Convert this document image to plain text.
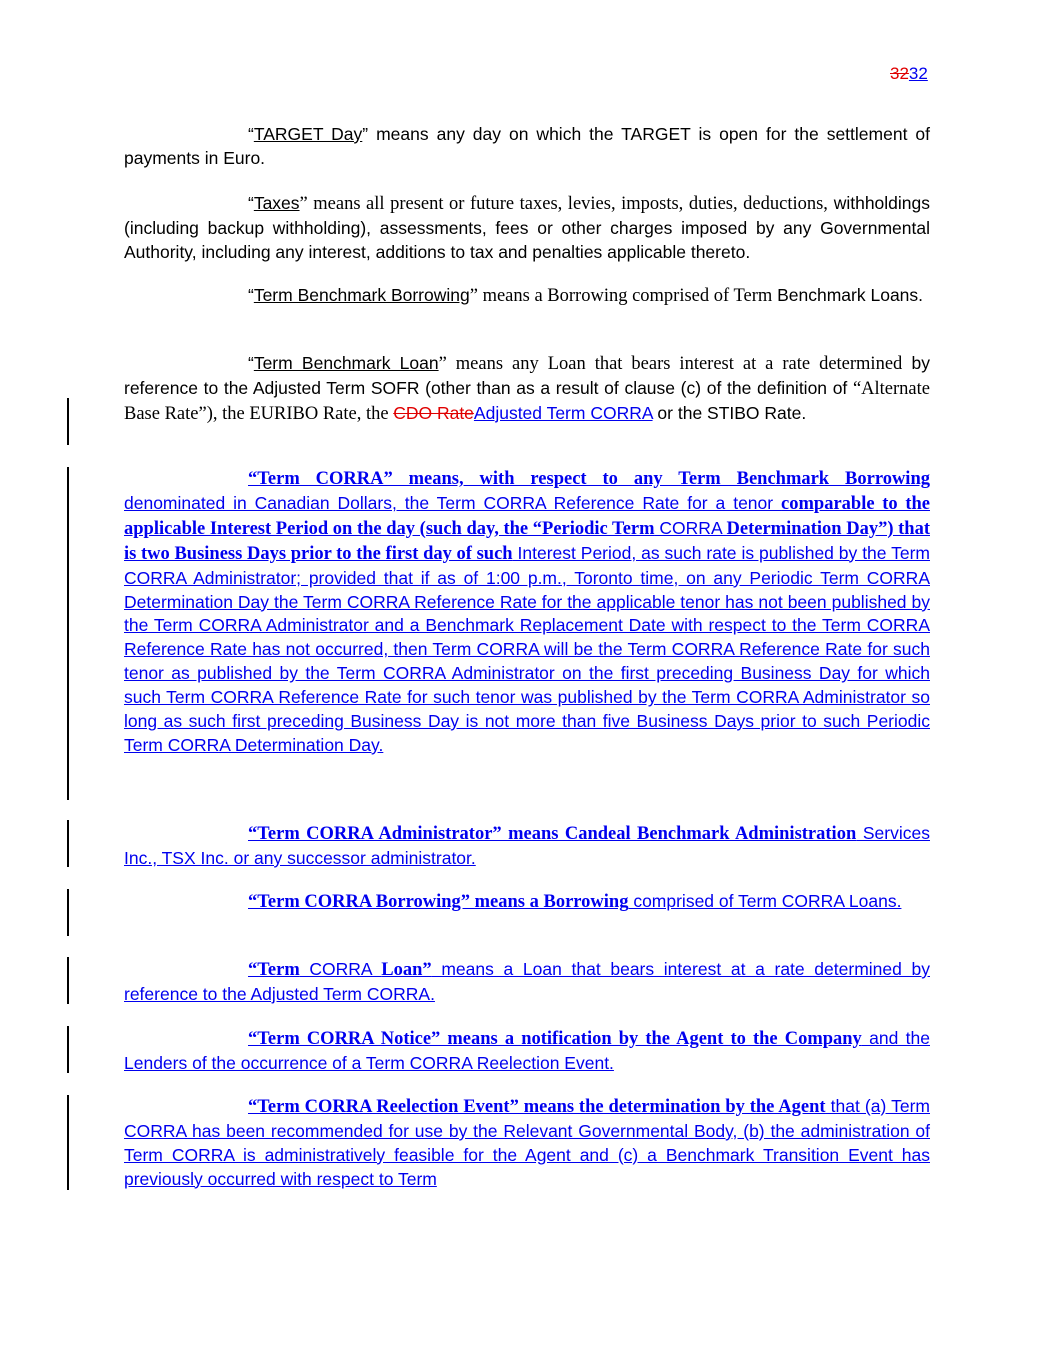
3232
“TARGET Day” means any day on which the TARGET is open for the settlement of payments in Euro.
“Taxes” means all present or future taxes, levies, imposts, duties, deductions, withholdings (including backup withholding), assessments, fees or other charges imposed by any Governmental Authority, including any interest, additions to tax and penalties applicable thereto.
“Term Benchmark Borrowing” means a Borrowing comprised of Term Benchmark Loans.
“Term Benchmark Loan” means any Loan that bears interest at a rate determined by reference to the Adjusted Term SOFR (other than as a result of clause (c) of the definition of “Alternate Base Rate”), the EURIBO Rate, the CDO RateAdjusted Term CORRA or the STIBO Rate.
“Term CORRA” means, with respect to any Term Benchmark Borrowing denominated in Canadian Dollars, the Term CORRA Reference Rate for a tenor comparable to the applicable Interest Period on the day (such day, the “Periodic Term CORRA Determination Day”) that is two Business Days prior to the first day of such Interest Period, as such rate is published by the Term CORRA Administrator; provided that if as of 1:00 p.m., Toronto time, on any Periodic Term CORRA Determination Day the Term CORRA Reference Rate for the applicable tenor has not been published by the Term CORRA Administrator and a Benchmark Replacement Date with respect to the Term CORRA Reference Rate has not occurred, then Term CORRA will be the Term CORRA Reference Rate for such tenor as published by the Term CORRA Administrator on the first preceding Business Day for which such Term CORRA Reference Rate for such tenor was published by the Term CORRA Administrator so long as such first preceding Business Day is not more than five Business Days prior to such Periodic Term CORRA Determination Day.
“Term CORRA Administrator” means Candeal Benchmark Administration Services Inc., TSX Inc. or any successor administrator.
“Term CORRA Borrowing” means a Borrowing comprised of Term CORRA Loans.
“Term CORRA Loan” means a Loan that bears interest at a rate determined by reference to the Adjusted Term CORRA.
“Term CORRA Notice” means a notification by the Agent to the Company and the Lenders of the occurrence of a Term CORRA Reelection Event.
“Term CORRA Reelection Event” means the determination by the Agent that (a) Term CORRA has been recommended for use by the Relevant Governmental Body, (b) the administration of Term CORRA is administratively feasible for the Agent and (c) a Benchmark Transition Event has previously occurred with respect to Term
